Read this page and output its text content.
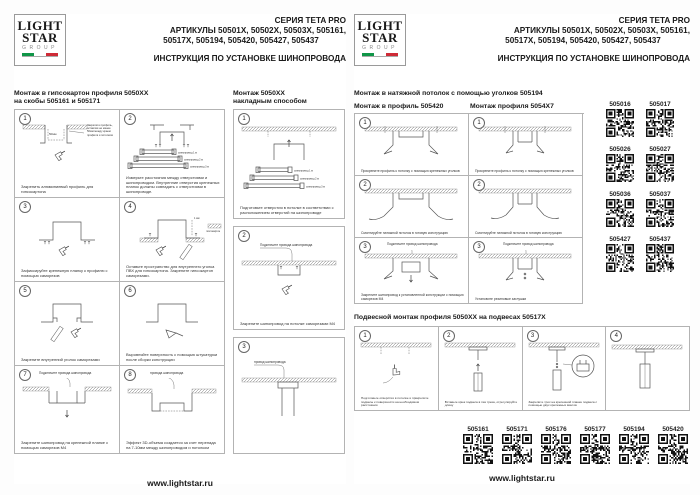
LIGHT
STAR
GROUP
СЕРИЯ TETA PRO
АРТИКУЛЫ 50501X, 50502X, 50503X, 505161,
50517X, 505194, 505420, 505427, 505437
ИНСТРУКЦИЯ ПО УСТАНОВКЕ ШИНОПРОВОДА
Монтаж в гипсокартон профиля 5050XX
на скобы 505161 и 505171
1
50мм
Закрепите профиль, оставляя не менее 50мм между краем профиля и потолком
Закрепить алюминиевый профиль для гипсокартона
2
шинопровод 1 м
шинопровод 2 м
шинопровод 3 м
Измерьте расстояния между отверстиями и шинопроводом. Внутренние отверстия крепежных планок должны совпадать с отверстиями в шинопроводе.
3
Зафиксируйте крепежную планку к профилю с помощью саморезов
4
1 мм
гипсокартон
Оставьте пространство для внутреннего уголка ПВХ для гипсокартона. Закрепите гипсокартон саморезами.
5
Закрепите внутренний уголок саморезами
6
Выровняйте поверхность с помощью штукатурки после сборки конструкции
7	Подключите провода шинопровода
Закрепите шинопровод на крепежной планке с помощью саморезов М4
8	провода шинопровода
Эффект 3D-объема создается за счет перепада на 7-10мм между шинопроводом и потолком
Монтаж 5050XX
накладным способом
1
шинопровод 1 м
шинопровод 2 м
шинопровод 3 м
Подготовьте отверстия в потолке в соответствии с расположением отверстий на шинопроводе
2
Подключите провода шинопровода
Закрепите шинопровод на потолке саморезами М4
3
провод шинопровода
www.lightstar.ru
LIGHT
STAR
GROUP
СЕРИЯ TETA PRO
АРТИКУЛЫ 50501X, 50502X, 50503X, 505161,
50517X, 505194, 505420, 505427, 505437
ИНСТРУКЦИЯ ПО УСТАНОВКЕ ШИНОПРОВОДА
Монтаж в натяжной потолок с помощью уголков 505194
Монтаж в профиль 505420	Монтаж профиля 5054X7
1
Прикрепите профиль к потолку с помощью крепежных уголков
1
Прикрепите профиль к потолку с помощью крепежных уголков
2
Смонтируйте натяжной потолок в готовую конструкцию
2
Смонтируйте натяжной потолок в готовую конструкцию
3	Подключите провод шинопровода
Закрепите шинопровод к установленной конструкции с помощью саморезов М4
3	Подключите провод шинопровода
Установите резиновые заглушки
505016	505017
505026	505027
505036	505037
505427	505437
Подвесной монтаж профиля 5050XX на подвесах 50517X
1
Подготовьте отверстия в потолке и прикрепите подвесы к поверхности на необходимом расстоянии
2
Вставьте крюк подвеса в паз трека, отрегулируйте длину
3
Закрепите трос на крепежной планке подвеса с помощью двух крепежных винтов
4
505161	505171	505176	505177	505194	505420
www.lightstar.ru
